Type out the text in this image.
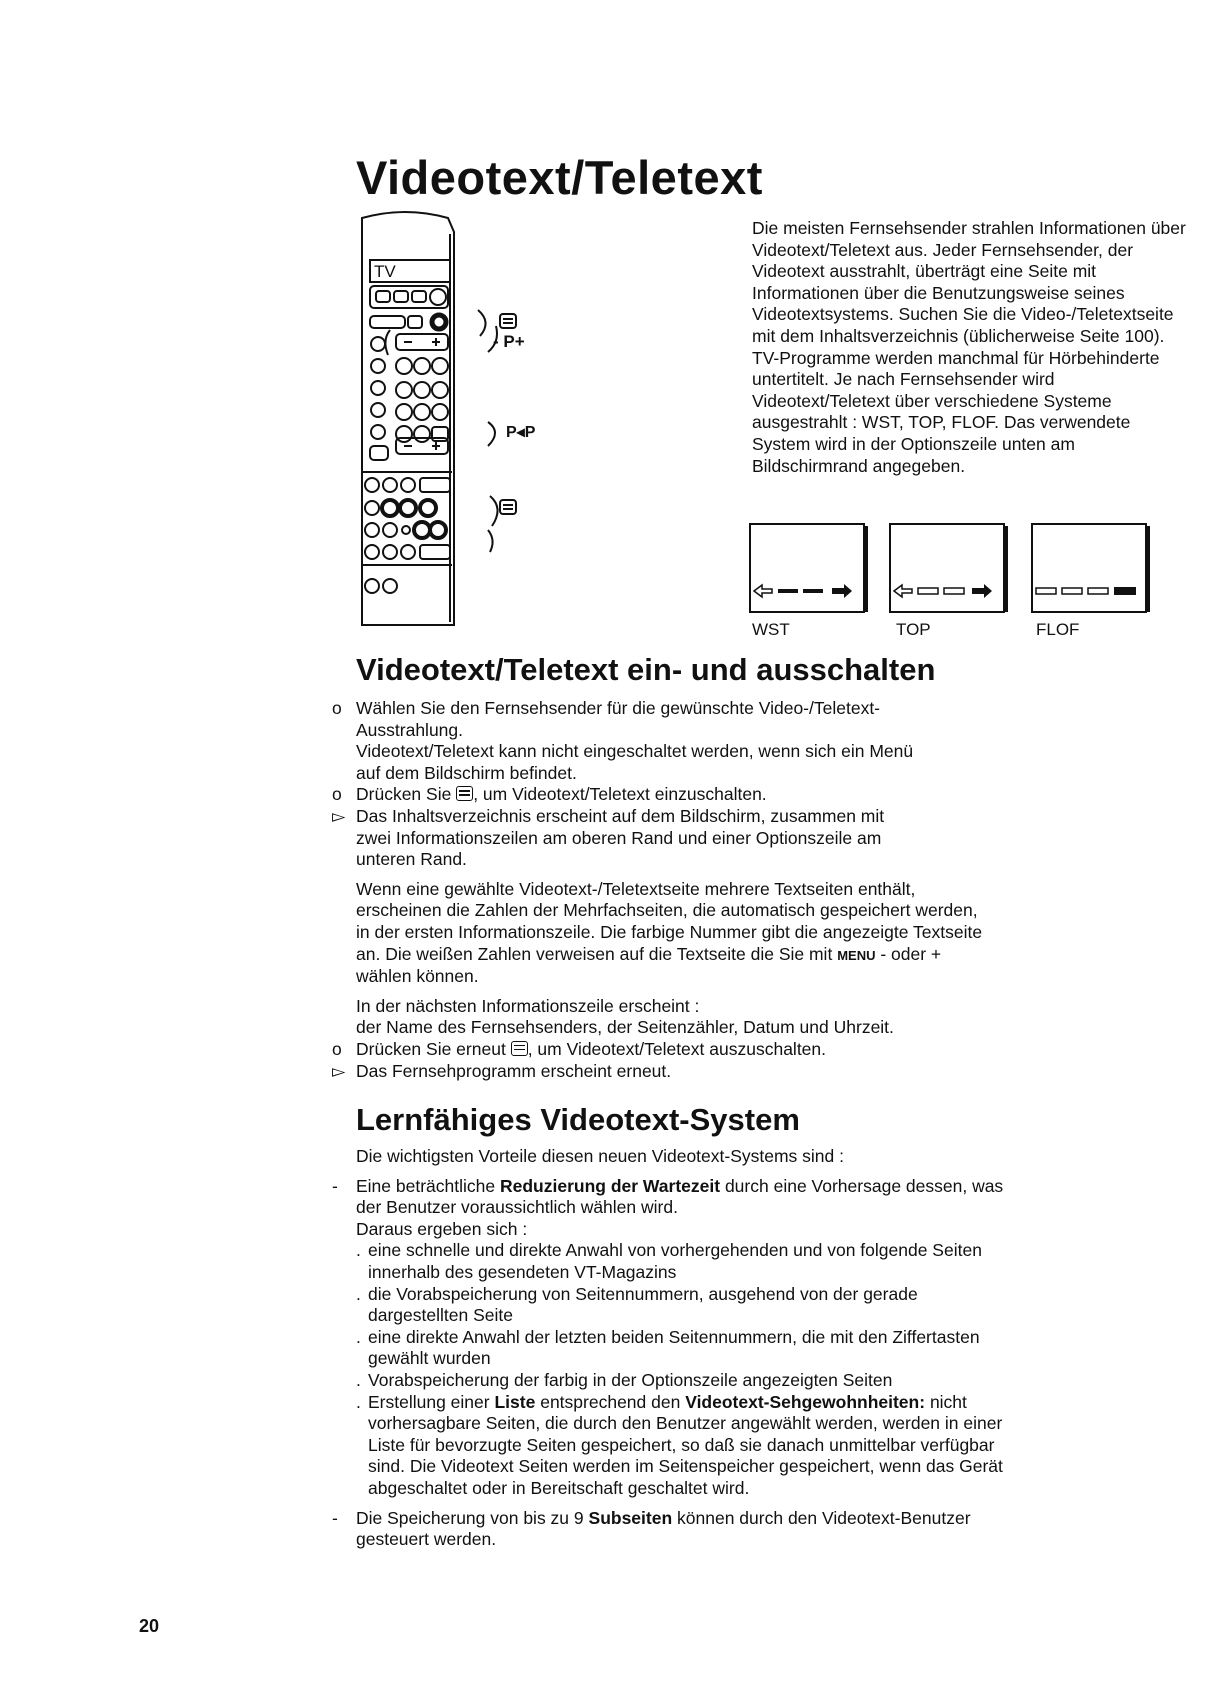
Videotext/Teletext
TV
- P+
P◂P
Die meisten Fernsehsender strahlen Informationen über Videotext/Teletext aus. Jeder Fernsehsender, der Videotext ausstrahlt, überträgt eine Seite mit Informationen über die Benutzungsweise seines Videotextsystems. Suchen Sie die Video-/Teletextseite mit dem Inhaltsverzeichnis (üblicherweise Seite 100). TV-Programme werden manchmal für Hörbehinderte untertitelt. Je nach Fernsehsender wird Videotext/Teletext über verschiedene Systeme ausgestrahlt : WST, TOP, FLOF. Das verwendete System wird in der Optionszeile unten am Bildschirmrand angegeben.
WST	TOP	FLOF
Videotext/Teletext ein- und ausschalten
o Wählen Sie den Fernsehsender für die gewünschte Video-/Teletext-
Ausstrahlung.
Videotext/Teletext kann nicht eingeschaltet werden, wenn sich ein Menü
auf dem Bildschirm befindet.
o Drücken Sie , um Videotext/Teletext einzuschalten.
▻ Das Inhaltsverzeichnis erscheint auf dem Bildschirm, zusammen mit
zwei Informationszeilen am oberen Rand und einer Optionszeile am
unteren Rand.
Wenn eine gewählte Videotext-/Teletextseite mehrere Textseiten enthält, erscheinen die Zahlen der Mehrfachseiten, die automatisch gespeichert werden, in der ersten Informationszeile. Die farbige Nummer gibt die angezeigte Textseite an. Die weißen Zahlen verweisen auf die Textseite die Sie mit MENU - oder + wählen können.
In der nächsten Informationszeile erscheint :
der Name des Fernsehsenders, der Seitenzähler, Datum und Uhrzeit.
o Drücken Sie erneut , um Videotext/Teletext auszuschalten.
▻ Das Fernsehprogramm erscheint erneut.
Lernfähiges Videotext-System
Die wichtigsten Vorteile diesen neuen Videotext-Systems sind :
-	Eine beträchtliche Reduzierung der Wartezeit durch eine Vorhersage dessen, was der Benutzer voraussichtlich wählen wird.
Daraus ergeben sich :
. eine schnelle und direkte Anwahl von vorhergehenden und von folgende Seiten innerhalb des gesendeten VT-Magazins
. die Vorabspeicherung von Seitennummern, ausgehend von der gerade dargestellten Seite
. eine direkte Anwahl der letzten beiden Seitennummern, die mit den Ziffertasten gewählt wurden
. Vorabspeicherung der farbig in der Optionszeile angezeigten Seiten
. Erstellung einer Liste entsprechend den Videotext-Sehgewohnheiten: nicht vorhersagbare Seiten, die durch den Benutzer angewählt werden, werden in einer Liste für bevorzugte Seiten gespeichert, so daß sie danach unmittelbar verfügbar sind. Die Videotext Seiten werden im Seitenspeicher gespeichert, wenn das Gerät abgeschaltet oder in Bereitschaft geschaltet wird.
-	Die Speicherung von bis zu 9 Subseiten können durch den Videotext-Benutzer gesteuert werden.
20
